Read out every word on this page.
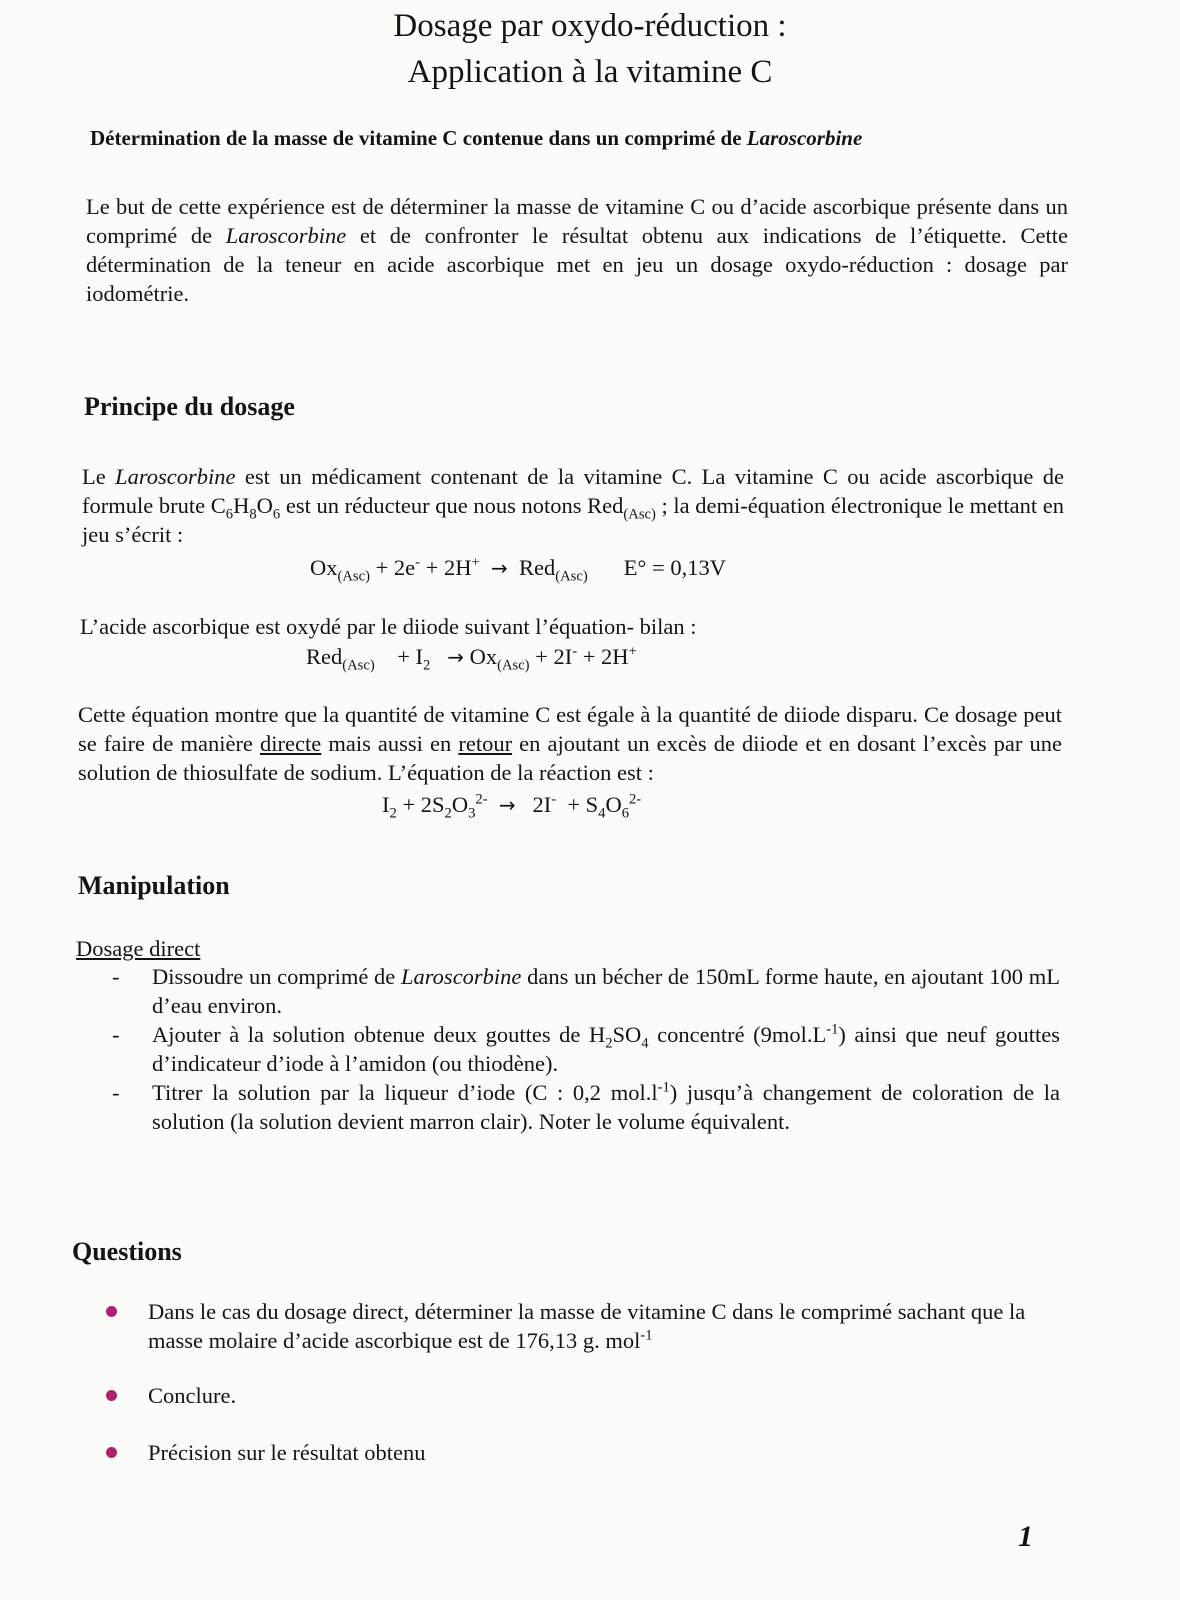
Dosage par oxydo-réduction :
Application à la vitamine C
Détermination de la masse de vitamine C contenue dans un comprimé de Laroscorbine
Le but de cette expérience est de déterminer la masse de vitamine C ou d’acide ascorbique présente dans un comprimé de Laroscorbine et de confronter le résultat obtenu aux indications de l’étiquette. Cette détermination de la teneur en acide ascorbique met en jeu un dosage oxydo-réduction : dosage par iodométrie.
Principe du dosage
Le Laroscorbine est un médicament contenant de la vitamine C. La vitamine C ou acide ascorbique de formule brute $C_6H_8O_6$ est un réducteur que nous notons Red$_{(Asc)}$ ; la demi-équation électronique le mettant en jeu s’écrit :
$Ox_{(Asc)} + 2e^- + 2H^+ \to Red_{(Asc)}$ E° = 0,13V
L’acide ascorbique est oxydé par le diiode suivant l’équation- bilan :
$Red_{(Asc)} + I_2 \to Ox_{(Asc)} + 2I^- + 2H^+$
Cette équation montre que la quantité de vitamine C est égale à la quantité de diiode disparu. Ce dosage peut se faire de manière directe mais aussi en retour en ajoutant un excès de diiode et en dosant l’excès par une solution de thiosulfate de sodium. L’équation de la réaction est :
$I_2 + 2S_2O_3^{2-} \to 2I^- + S_4O_6^{2-}$
Manipulation
Dosage direct
- Dissoudre un comprimé de Laroscorbine dans un bécher de 150mL forme haute, en ajoutant 100 mL d’eau environ.
- Ajouter à la solution obtenue deux gouttes de $H_2SO_4$ concentré $(9mol.L^{-1})$ ainsi que neuf gouttes d’indicateur d’iode à l’amidon (ou thiodène).
- Titrer la solution par la liqueur d’iode (C : 0,2 $mol.l^{-1}$) jusqu’à changement de coloration de la solution (la solution devient marron clair). Noter le volume équivalent.
Questions
Dans le cas du dosage direct, déterminer la masse de vitamine C dans le comprimé sachant que la masse molaire d’acide ascorbique est de 176,13 g. mol$^{-1}$
Conclure.
Précision sur le résultat obtenu
1
